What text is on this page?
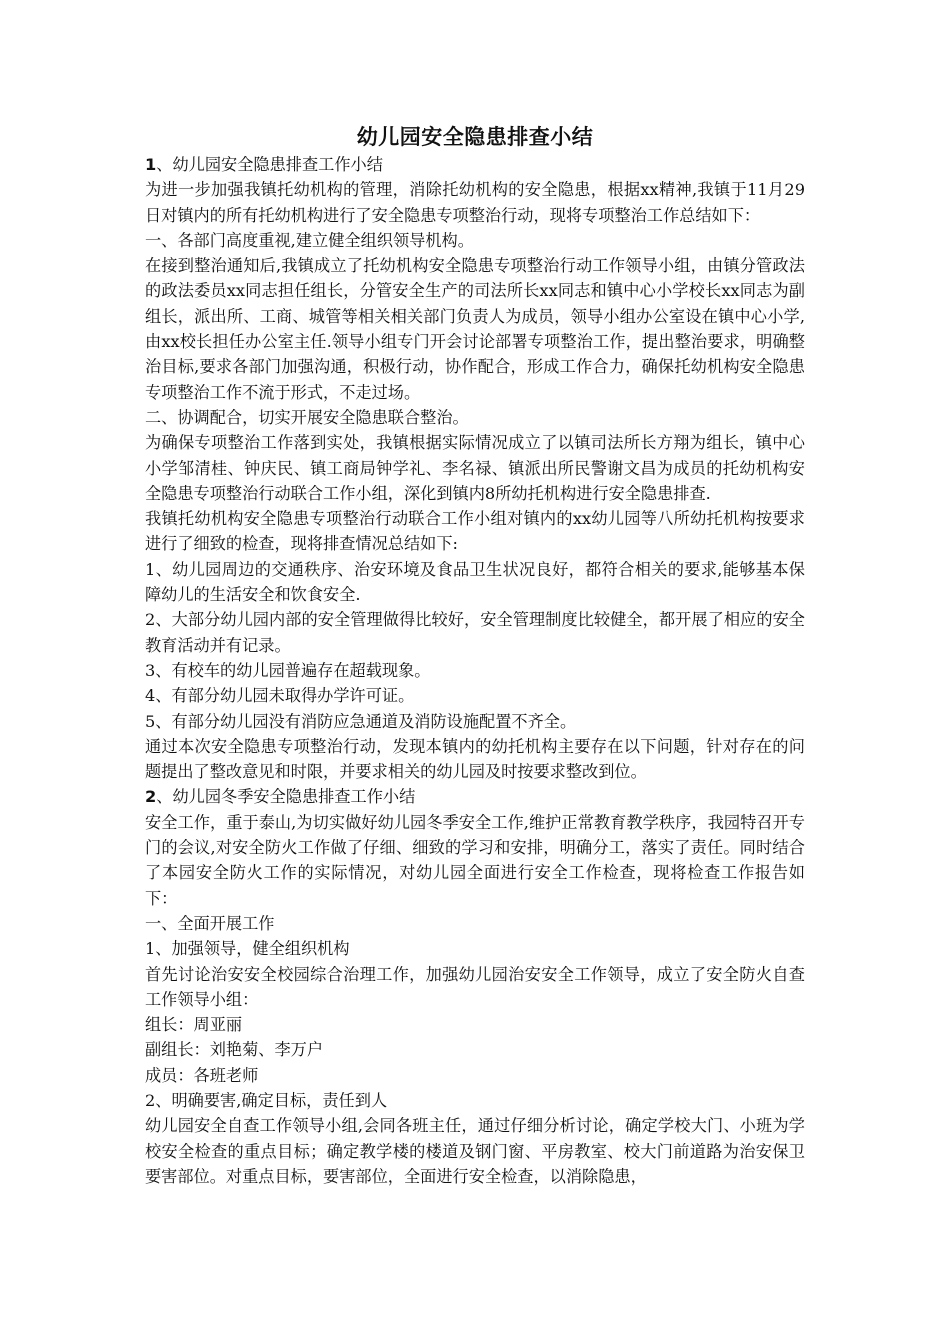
幼儿园安全隐患排查小结
1、幼儿园安全隐患排查工作小结
为进一步加强我镇托幼机构的管理，消除托幼机构的安全隐患，根据xx精神,我镇于11月29日对镇内的所有托幼机构进行了安全隐患专项整治行动，现将专项整治工作总结如下：
一、各部门高度重视,建立健全组织领导机构。
在接到整治通知后,我镇成立了托幼机构安全隐患专项整治行动工作领导小组，由镇分管政法的政法委员xx同志担任组长，分管安全生产的司法所长xx同志和镇中心小学校长xx同志为副组长，派出所、工商、城管等相关相关部门负责人为成员，领导小组办公室设在镇中心小学,由xx校长担任办公室主任.领导小组专门开会讨论部署专项整治工作，提出整治要求，明确整治目标,要求各部门加强沟通，积极行动，协作配合，形成工作合力，确保托幼机构安全隐患专项整治工作不流于形式，不走过场。
二、协调配合，切实开展安全隐患联合整治。
为确保专项整治工作落到实处，我镇根据实际情况成立了以镇司法所长方翔为组长，镇中心小学邹清桂、钟庆民、镇工商局钟学礼、李名禄、镇派出所民警谢文昌为成员的托幼机构安全隐患专项整治行动联合工作小组，深化到镇内8所幼托机构进行安全隐患排查.
我镇托幼机构安全隐患专项整治行动联合工作小组对镇内的xx幼儿园等八所幼托机构按要求进行了细致的检查，现将排查情况总结如下:
1、幼儿园周边的交通秩序、治安环境及食品卫生状况良好，都符合相关的要求,能够基本保障幼儿的生活安全和饮食安全.
2、大部分幼儿园内部的安全管理做得比较好，安全管理制度比较健全，都开展了相应的安全教育活动并有记录。
3、有校车的幼儿园普遍存在超载现象。
4、有部分幼儿园未取得办学许可证。
5、有部分幼儿园没有消防应急通道及消防设施配置不齐全。
通过本次安全隐患专项整治行动，发现本镇内的幼托机构主要存在以下问题，针对存在的问题提出了整改意见和时限，并要求相关的幼儿园及时按要求整改到位。
2、幼儿园冬季安全隐患排查工作小结
安全工作，重于泰山,为切实做好幼儿园冬季安全工作,维护正常教育教学秩序，我园特召开专门的会议,对安全防火工作做了仔细、细致的学习和安排，明确分工，落实了责任。同时结合了本园安全防火工作的实际情况，对幼儿园全面进行安全工作检查，现将检查工作报告如下：
一、全面开展工作
1、加强领导，健全组织机构
首先讨论治安安全校园综合治理工作，加强幼儿园治安安全工作领导，成立了安全防火自查工作领导小组：
组长：周亚丽
副组长：刘艳菊、李万户
成员：各班老师
2、明确要害,确定目标，责任到人
幼儿园安全自查工作领导小组,会同各班主任，通过仔细分析讨论，确定学校大门、小班为学校安全检查的重点目标；确定教学楼的楼道及钢门窗、平房教室、校大门前道路为治安保卫要害部位。对重点目标，要害部位，全面进行安全检查，以消除隐患，
